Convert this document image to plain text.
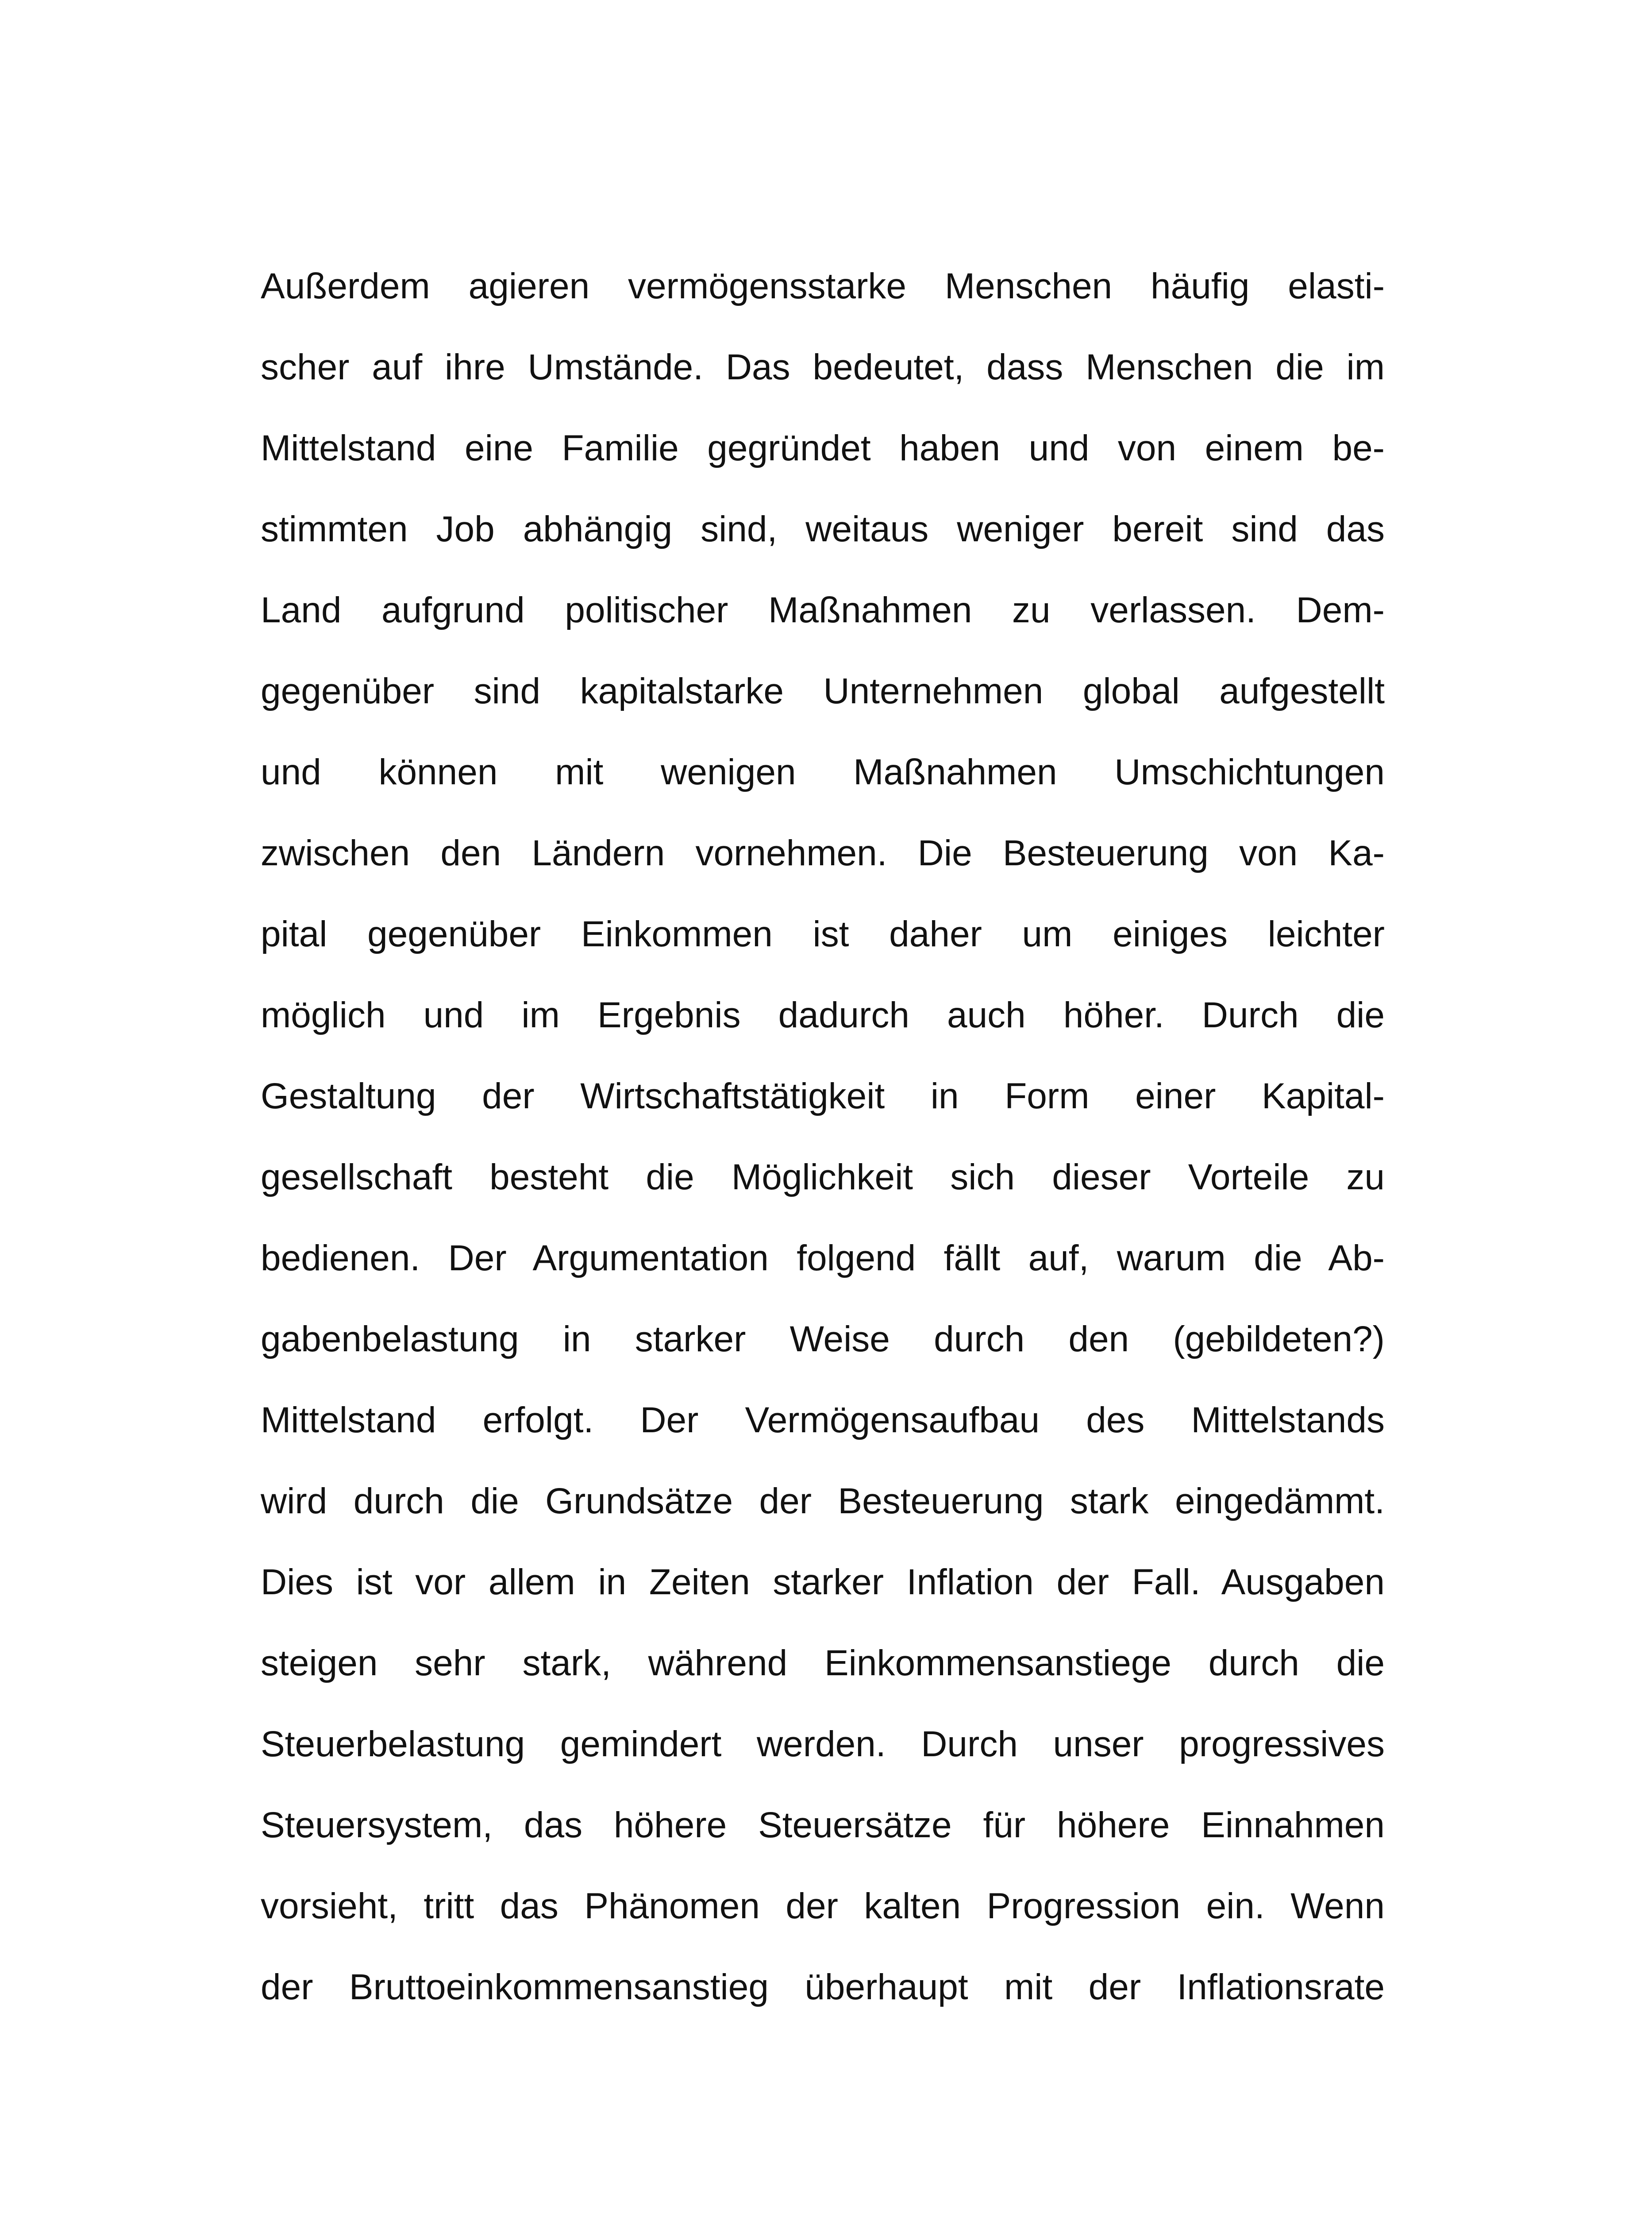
Außerdem agieren vermögensstarke Menschen häufig elasti-
scher auf ihre Umstände. Das bedeutet, dass Menschen die im
Mittelstand eine Familie gegründet haben und von einem be-
stimmten Job abhängig sind, weitaus weniger bereit sind das
Land aufgrund politischer Maßnahmen zu verlassen. Dem-
gegenüber sind kapitalstarke Unternehmen global aufgestellt
und können mit wenigen Maßnahmen Umschichtungen
zwischen den Ländern vornehmen. Die Besteuerung von Ka-
pital gegenüber Einkommen ist daher um einiges leichter
möglich und im Ergebnis dadurch auch höher. Durch die
Gestaltung der Wirtschaftstätigkeit in Form einer Kapital-
gesellschaft besteht die Möglichkeit sich dieser Vorteile zu
bedienen. Der Argumentation folgend fällt auf, warum die Ab-
gabenbelastung in starker Weise durch den (gebildeten?)
Mittelstand erfolgt. Der Vermögensaufbau des Mittelstands
wird durch die Grundsätze der Besteuerung stark eingedämmt.
Dies ist vor allem in Zeiten starker Inflation der Fall. Ausgaben
steigen sehr stark, während Einkommensanstiege durch die
Steuerbelastung gemindert werden. Durch unser progressives
Steuersystem, das höhere Steuersätze für höhere Einnahmen
vorsieht, tritt das Phänomen der kalten Progression ein. Wenn
der Bruttoeinkommensanstieg überhaupt mit der Inflationsrate
